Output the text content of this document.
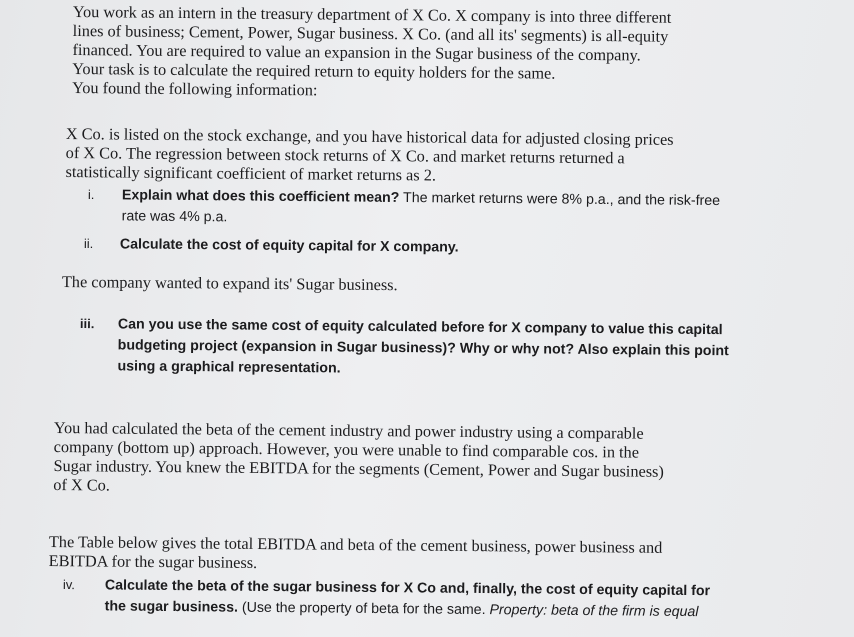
You work as an intern in the treasury department of X Co. X company is into three different
lines of business; Cement, Power, Sugar business. X Co. (and all its' segments) is all-equity
financed. You are required to value an expansion in the Sugar business of the company.
Your task is to calculate the required return to equity holders for the same.
You found the following information:
X Co. is listed on the stock exchange, and you have historical data for adjusted closing prices
of X Co. The regression between stock returns of X Co. and market returns returned a
statistically significant coefficient of market returns as 2.
i. Explain what does this coefficient mean? The market returns were 8% p.a., and the risk-free
rate was 4% p.a.
ii. Calculate the cost of equity capital for X company.
The company wanted to expand its' Sugar business.
iii. Can you use the same cost of equity calculated before for X company to value this capital
budgeting project (expansion in Sugar business)? Why or why not? Also explain this point
using a graphical representation.
You had calculated the beta of the cement industry and power industry using a comparable
company (bottom up) approach. However, you were unable to find comparable cos. in the
Sugar industry. You knew the EBITDA for the segments (Cement, Power and Sugar business)
of X Co.
The Table below gives the total EBITDA and beta of the cement business, power business and
EBITDA for the sugar business.
iv. Calculate the beta of the sugar business for X Co and, finally, the cost of equity capital for
the sugar business. (Use the property of beta for the same. Property: beta of the firm is equal
